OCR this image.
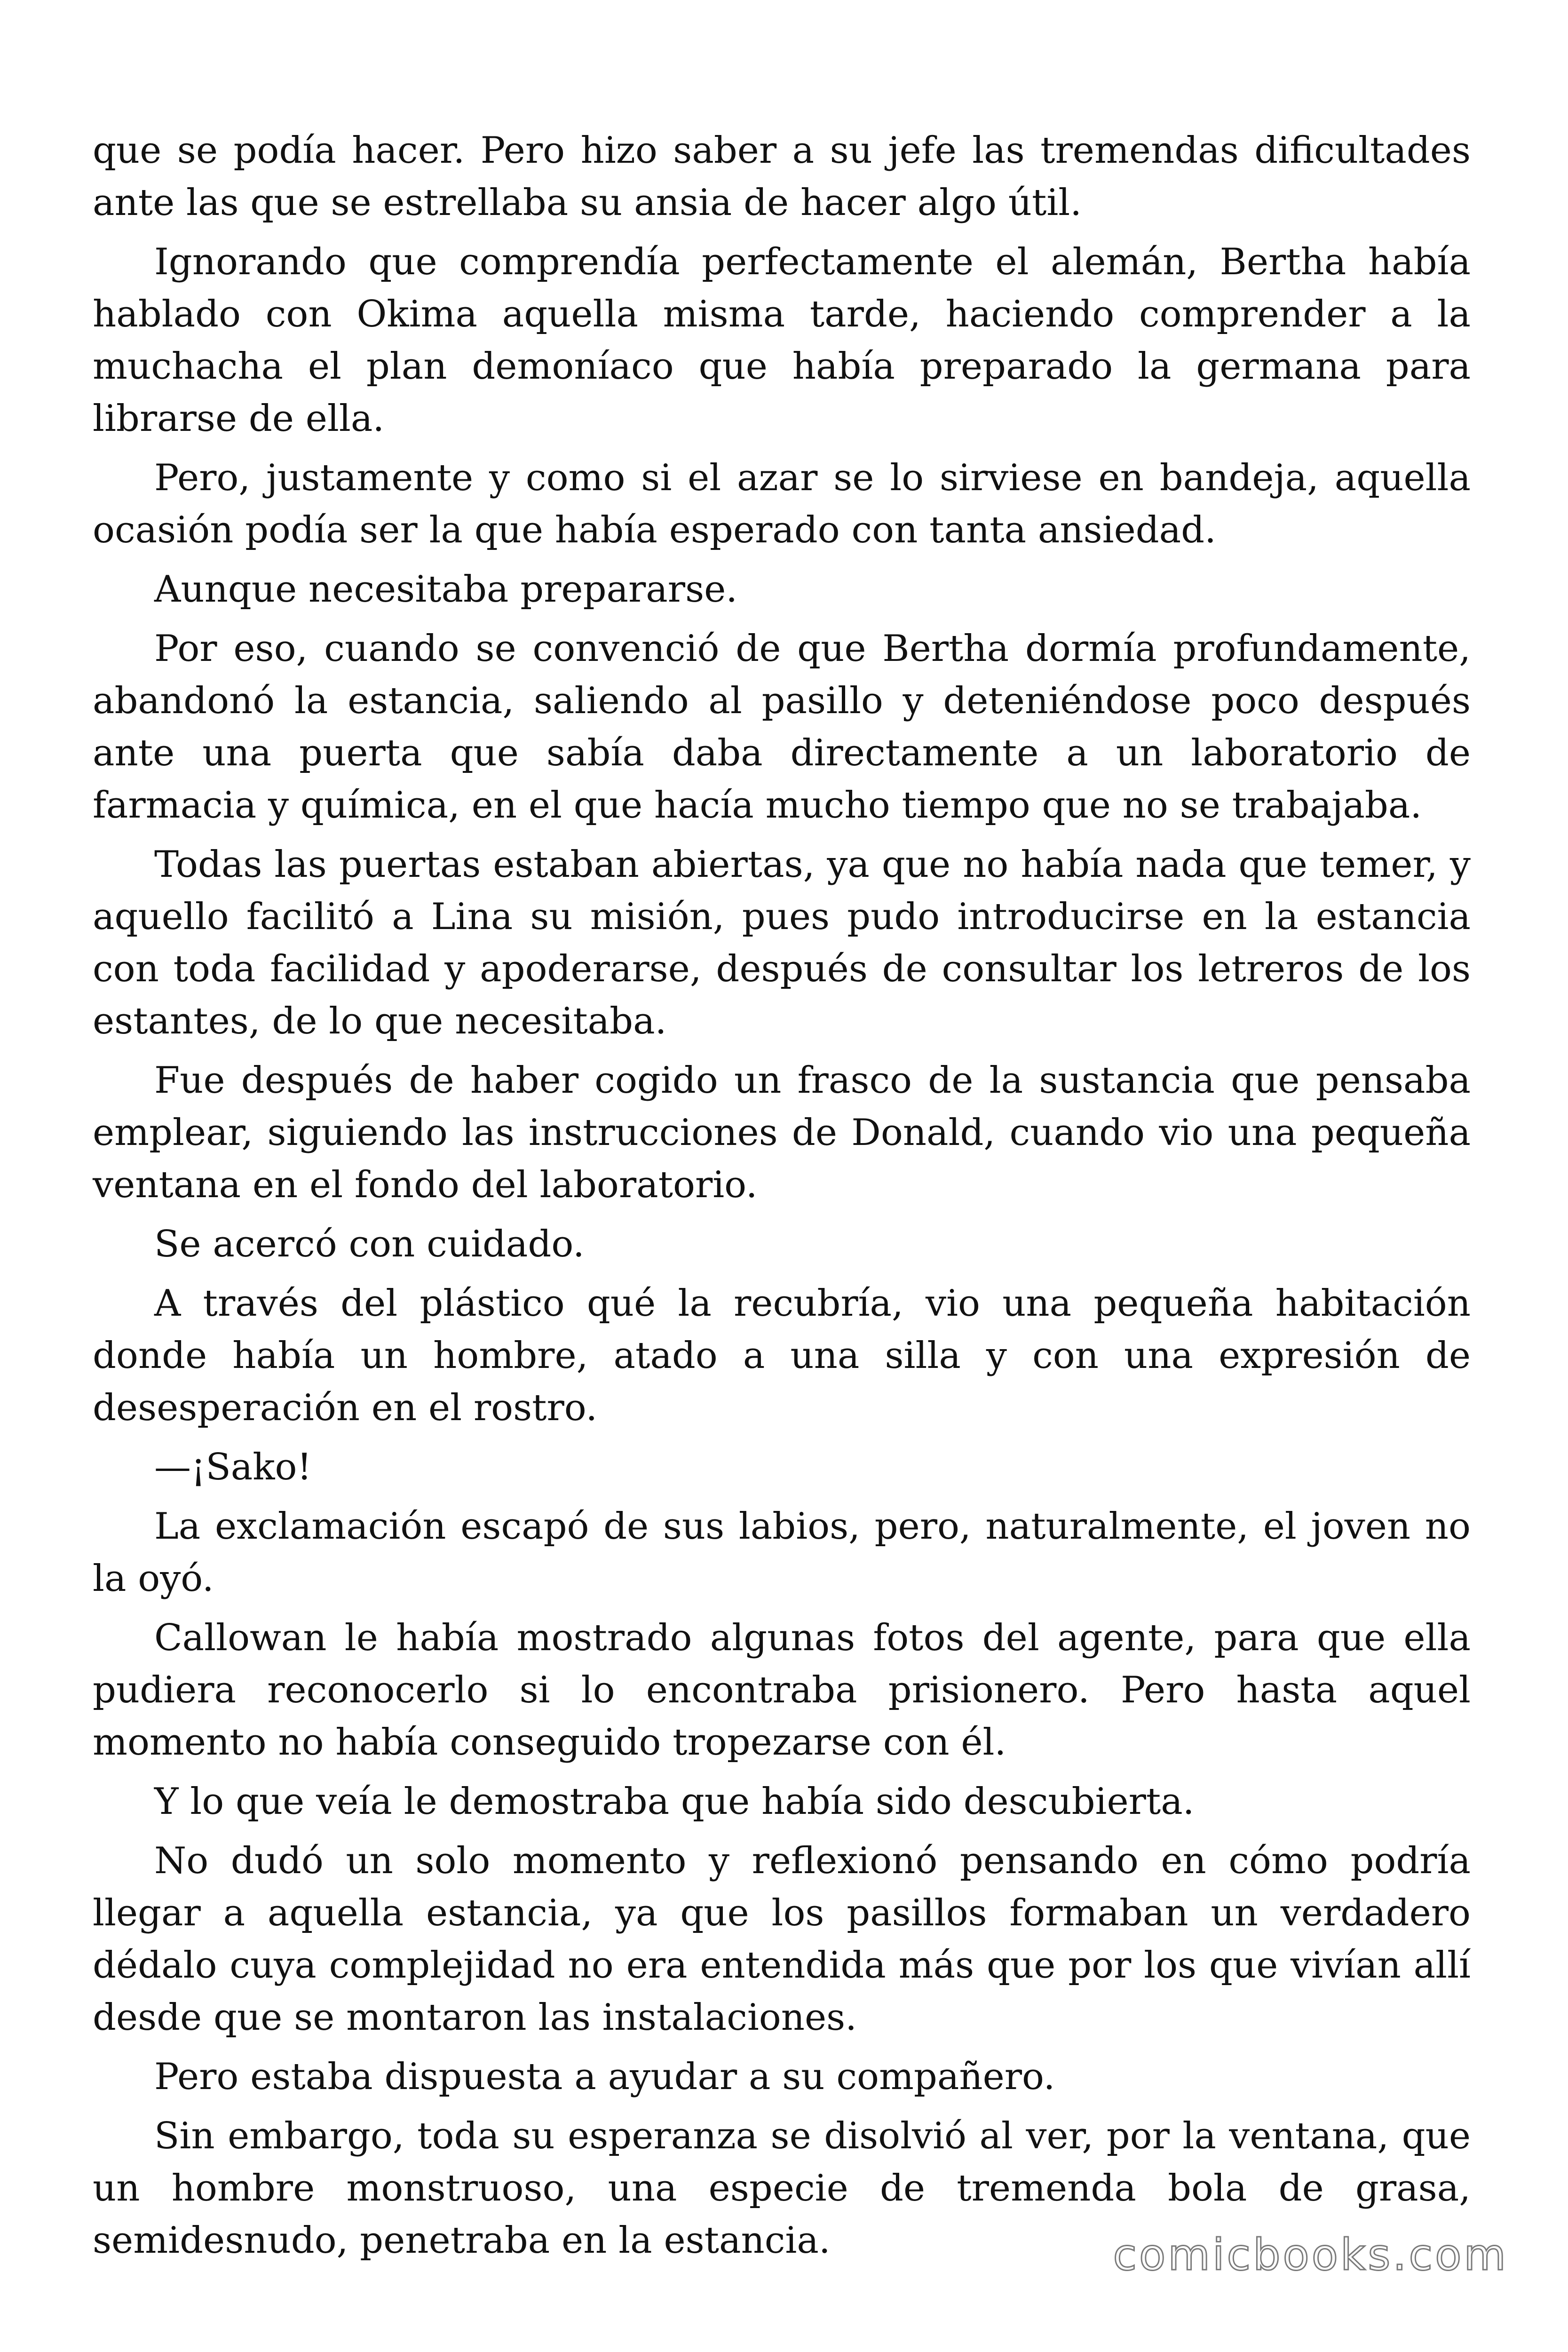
que se podía hacer. Pero hizo saber a su jefe las tremendas dificultades ante las que se estrellaba su ansia de hacer algo útil.

Ignorando que comprendía perfectamente el alemán, Bertha había hablado con Okima aquella misma tarde, haciendo comprender a la muchacha el plan demoníaco que había preparado la germana para librarse de ella.

Pero, justamente y como si el azar se lo sirviese en bandeja, aquella ocasión podía ser la que había esperado con tanta ansiedad.

Aunque necesitaba prepararse.

Por eso, cuando se convenció de que Bertha dormía profundamente, abandonó la estancia, saliendo al pasillo y deteniéndose poco después ante una puerta que sabía daba directamente a un laboratorio de farmacia y química, en el que hacía mucho tiempo que no se trabajaba.

Todas las puertas estaban abiertas, ya que no había nada que temer, y aquello facilitó a Lina su misión, pues pudo introducirse en la estancia con toda facilidad y apoderarse, después de consultar los letreros de los estantes, de lo que necesitaba.

Fue después de haber cogido un frasco de la sustancia que pensaba emplear, siguiendo las instrucciones de Donald, cuando vio una pequeña ventana en el fondo del laboratorio.

Se acercó con cuidado.

A través del plástico qué la recubría, vio una pequeña habitación donde había un hombre, atado a una silla y con una expresión de desesperación en el rostro.

—¡Sako!

La exclamación escapó de sus labios, pero, naturalmente, el joven no la oyó.

Callowan le había mostrado algunas fotos del agente, para que ella pudiera reconocerlo si lo encontraba prisionero. Pero hasta aquel momento no había conseguido tropezarse con él.

Y lo que veía le demostraba que había sido descubierta.

No dudó un solo momento y reflexionó pensando en cómo podría llegar a aquella estancia, ya que los pasillos formaban un verdadero dédalo cuya complejidad no era entendida más que por los que vivían allí desde que se montaron las instalaciones.

Pero estaba dispuesta a ayudar a su compañero.

Sin embargo, toda su esperanza se disolvió al ver, por la ventana, que un hombre monstruoso, una especie de tremenda bola de grasa, semidesnudo, penetraba en la estancia.	comicbooks.com
